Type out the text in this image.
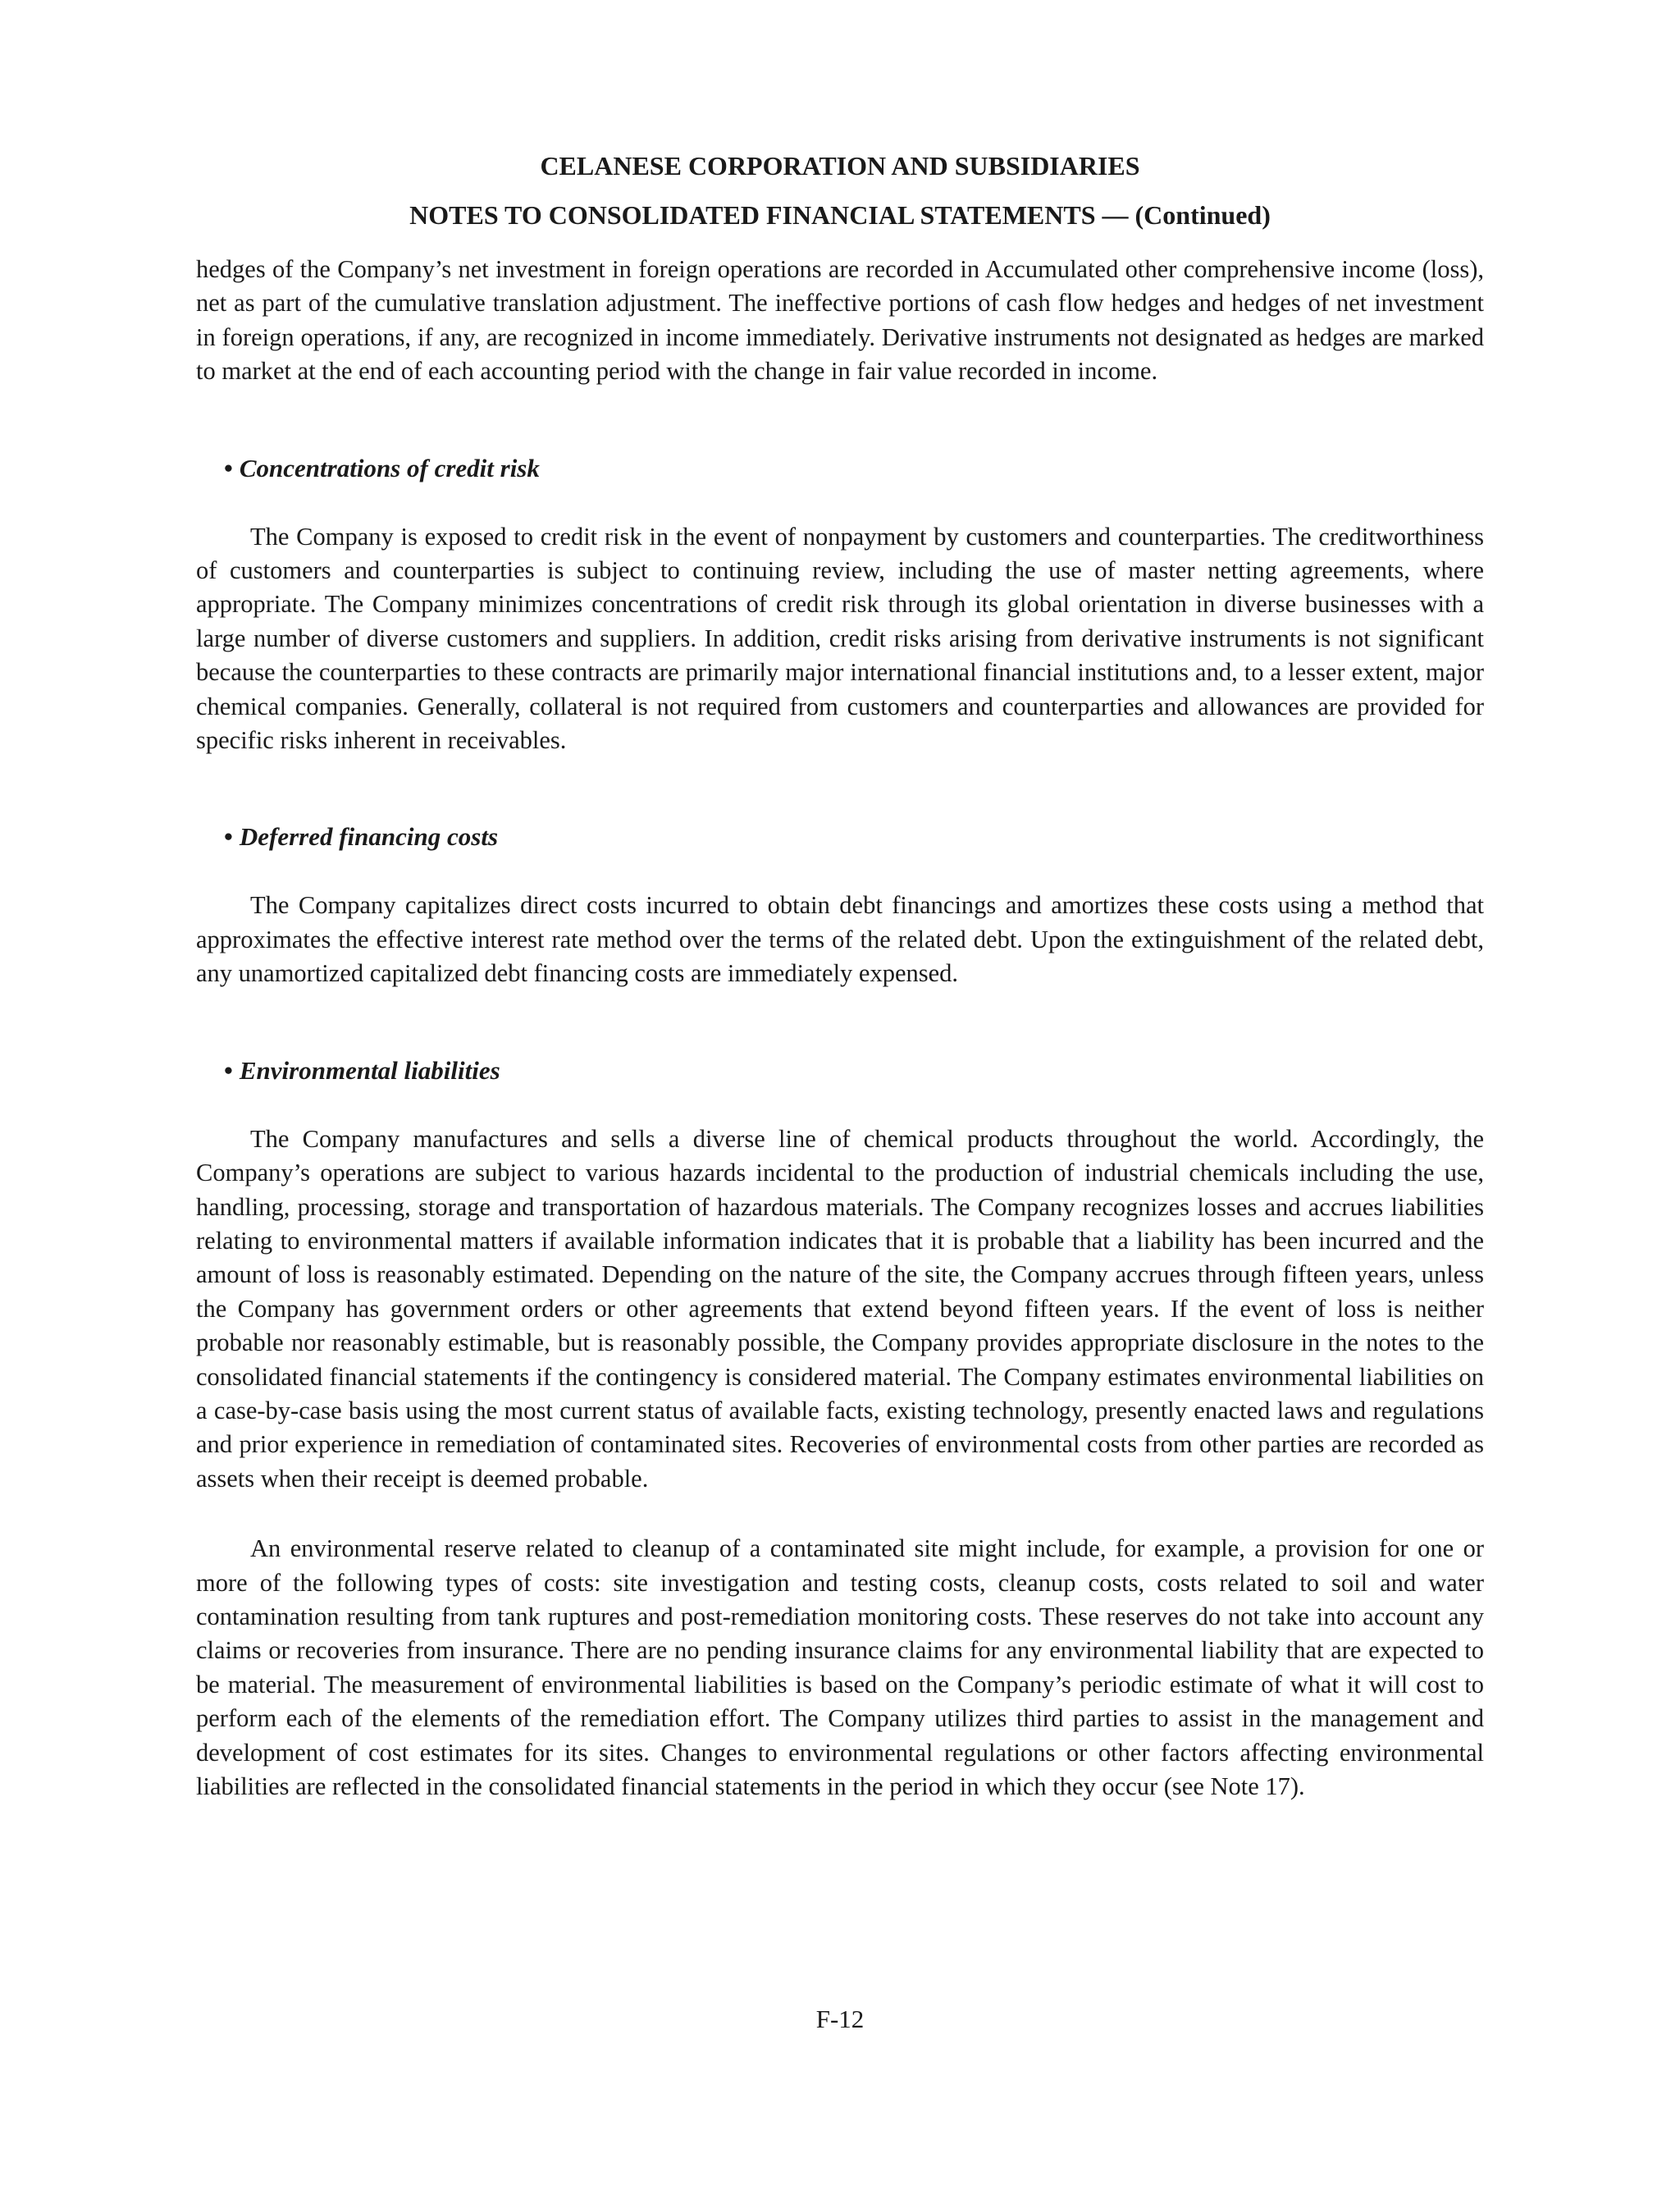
CELANESE CORPORATION AND SUBSIDIARIES
NOTES TO CONSOLIDATED FINANCIAL STATEMENTS — (Continued)

hedges of the Company’s net investment in foreign operations are recorded in Accumulated other comprehensive income (loss), net as part of the cumulative translation adjustment. The ineffective portions of cash flow hedges and hedges of net investment in foreign operations, if any, are recognized in income immediately. Derivative instruments not designated as hedges are marked to market at the end of each accounting period with the change in fair value recorded in income.

• Concentrations of credit risk

The Company is exposed to credit risk in the event of nonpayment by customers and counterparties. The creditworthiness of customers and counterparties is subject to continuing review, including the use of master netting agreements, where appropriate. The Company minimizes concentrations of credit risk through its global orientation in diverse businesses with a large number of diverse customers and suppliers. In addition, credit risks arising from derivative instruments is not significant because the counterparties to these contracts are primarily major international financial institutions and, to a lesser extent, major chemical companies. Generally, collateral is not required from customers and counterparties and allowances are provided for specific risks inherent in receivables.

• Deferred financing costs

The Company capitalizes direct costs incurred to obtain debt financings and amortizes these costs using a method that approximates the effective interest rate method over the terms of the related debt. Upon the extinguishment of the related debt, any unamortized capitalized debt financing costs are immediately expensed.

• Environmental liabilities

The Company manufactures and sells a diverse line of chemical products throughout the world. Accordingly, the Company’s operations are subject to various hazards incidental to the production of industrial chemicals including the use, handling, processing, storage and transportation of hazardous materials. The Company recognizes losses and accrues liabilities relating to environmental matters if available information indicates that it is probable that a liability has been incurred and the amount of loss is reasonably estimated. Depending on the nature of the site, the Company accrues through fifteen years, unless the Company has government orders or other agreements that extend beyond fifteen years. If the event of loss is neither probable nor reasonably estimable, but is reasonably possible, the Company provides appropriate disclosure in the notes to the consolidated financial statements if the contingency is considered material. The Company estimates environmental liabilities on a case-by-case basis using the most current status of available facts, existing technology, presently enacted laws and regulations and prior experience in remediation of contaminated sites. Recoveries of environmental costs from other parties are recorded as assets when their receipt is deemed probable.

An environmental reserve related to cleanup of a contaminated site might include, for example, a provision for one or more of the following types of costs: site investigation and testing costs, cleanup costs, costs related to soil and water contamination resulting from tank ruptures and post-remediation monitoring costs. These reserves do not take into account any claims or recoveries from insurance. There are no pending insurance claims for any environmental liability that are expected to be material. The measurement of environmental liabilities is based on the Company’s periodic estimate of what it will cost to perform each of the elements of the remediation effort. The Company utilizes third parties to assist in the management and development of cost estimates for its sites. Changes to environmental regulations or other factors affecting environmental liabilities are reflected in the consolidated financial statements in the period in which they occur (see Note 17).

F-12
